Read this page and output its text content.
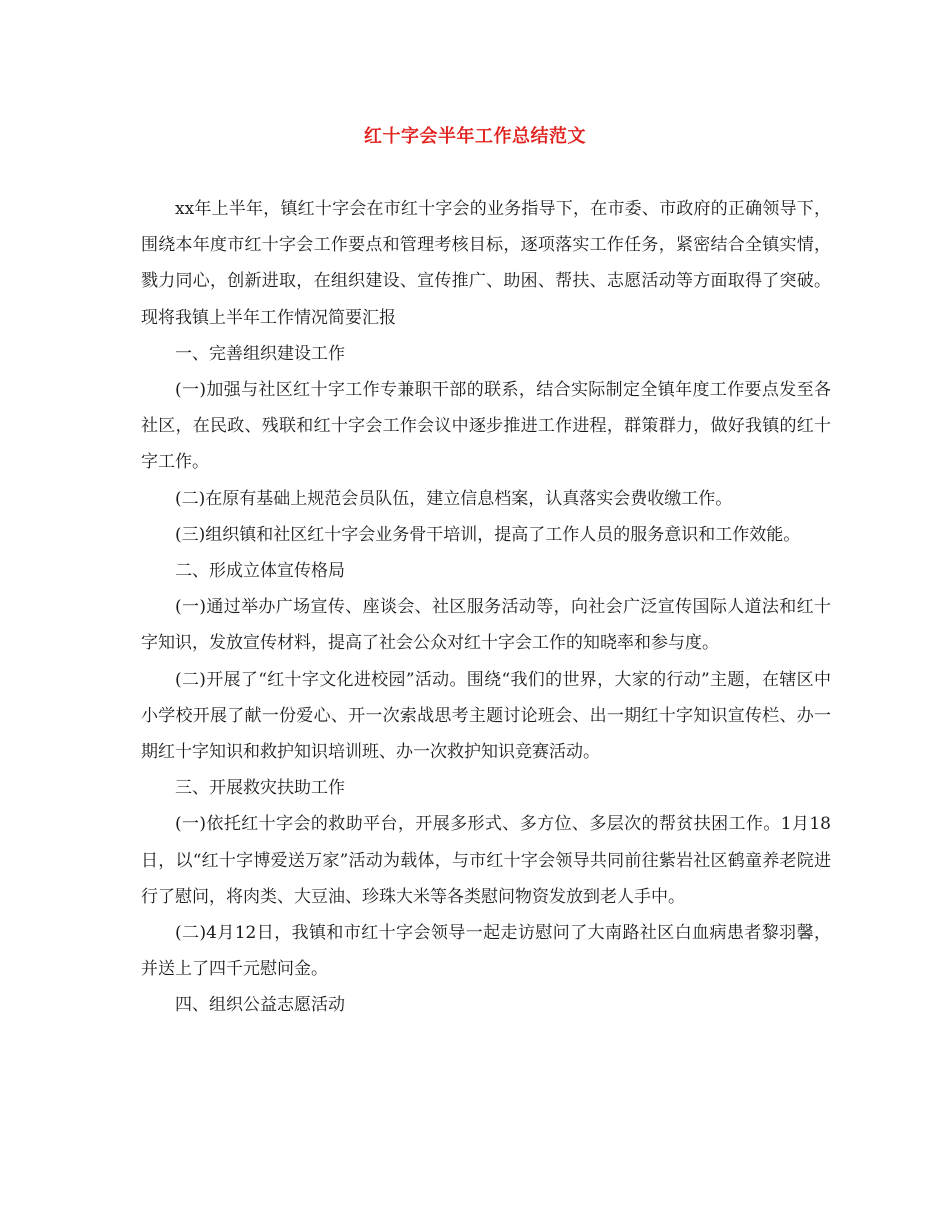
红十字会半年工作总结范文

xx年上半年，镇红十字会在市红十字会的业务指导下，在市委、市政府的正确领导下，围绕本年度市红十字会工作要点和管理考核目标，逐项落实工作任务，紧密结合全镇实情，戮力同心，创新进取，在组织建设、宣传推广、助困、帮扶、志愿活动等方面取得了突破。现将我镇上半年工作情况简要汇报

一、完善组织建设工作

(一)加强与社区红十字工作专兼职干部的联系，结合实际制定全镇年度工作要点发至各社区，在民政、残联和红十字会工作会议中逐步推进工作进程，群策群力，做好我镇的红十字工作。

(二)在原有基础上规范会员队伍，建立信息档案，认真落实会费收缴工作。

(三)组织镇和社区红十字会业务骨干培训，提高了工作人员的服务意识和工作效能。

二、形成立体宣传格局

(一)通过举办广场宣传、座谈会、社区服务活动等，向社会广泛宣传国际人道法和红十字知识，发放宣传材料，提高了社会公众对红十字会工作的知晓率和参与度。

(二)开展了“红十字文化进校园”活动。围绕“我们的世界，大家的行动”主题，在辖区中小学校开展了献一份爱心、开一次索战思考主题讨论班会、出一期红十字知识宣传栏、办一期红十字知识和救护知识培训班、办一次救护知识竞赛活动。

三、开展救灾扶助工作

(一)依托红十字会的救助平台，开展多形式、多方位、多层次的帮贫扶困工作。1月18日，以“红十字博爱送万家”活动为载体，与市红十字会领导共同前往紫岩社区鹤童养老院进行了慰问，将肉类、大豆油、珍珠大米等各类慰问物资发放到老人手中。

(二)4月12日，我镇和市红十字会领导一起走访慰问了大南路社区白血病患者黎羽馨，并送上了四千元慰问金。

四、组织公益志愿活动
